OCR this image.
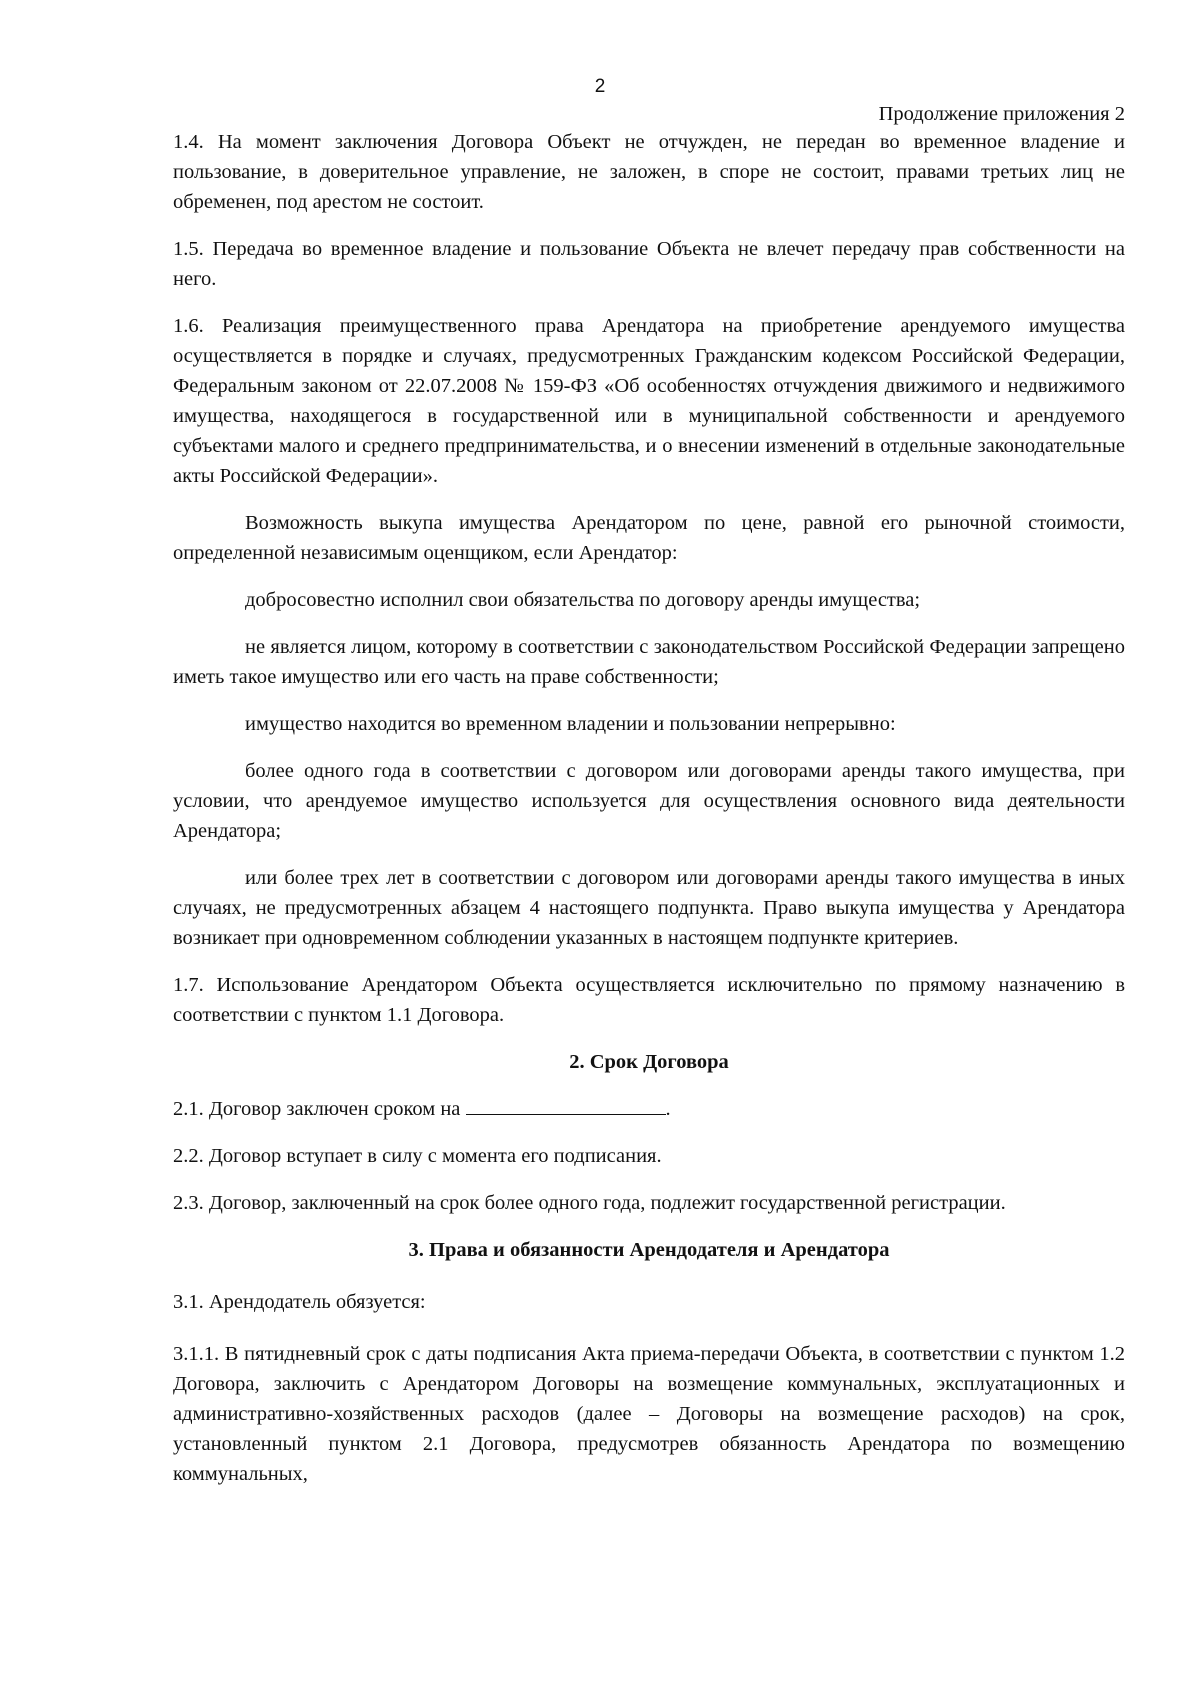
2
Продолжение приложения 2

1.4. На момент заключения Договора Объект не отчужден, не передан во временное владение и пользование, в доверительное управление, не заложен, в споре не состоит, правами третьих лиц не обременен, под арестом не состоит.

1.5. Передача во временное владение и пользование Объекта не влечет передачу прав собственности на него.

1.6. Реализация преимущественного права Арендатора на приобретение арендуемого имущества осуществляется в порядке и случаях, предусмотренных Гражданским кодексом Российской Федерации, Федеральным законом от 22.07.2008 № 159-ФЗ «Об особенностях отчуждения движимого и недвижимого имущества, находящегося в государственной или в муниципальной собственности и арендуемого субъектами малого и среднего предпринимательства, и о внесении изменений в отдельные законодательные акты Российской Федерации».

Возможность выкупа имущества Арендатором по цене, равной его рыночной стоимости, определенной независимым оценщиком, если Арендатор:

добросовестно исполнил свои обязательства по договору аренды имущества;

не является лицом, которому в соответствии с законодательством Российской Федерации запрещено иметь такое имущество или его часть на праве собственности;

имущество находится во временном владении и пользовании непрерывно:

более одного года в соответствии с договором или договорами аренды такого имущества, при условии, что арендуемое имущество используется для осуществления основного вида деятельности Арендатора;

или более трех лет в соответствии с договором или договорами аренды такого имущества в иных случаях, не предусмотренных абзацем 4 настоящего подпункта. Право выкупа имущества у Арендатора возникает при одновременном соблюдении указанных в настоящем подпункте критериев.

1.7. Использование Арендатором Объекта осуществляется исключительно по прямому назначению в соответствии с пунктом 1.1 Договора.

2. Срок Договора

2.1. Договор заключен сроком на	.

2.2. Договор вступает в силу с момента его подписания.

2.3. Договор, заключенный на срок более одного года, подлежит государственной регистрации.

3. Права и обязанности Арендодателя и Арендатора

3.1. Арендодатель обязуется:

3.1.1. В пятидневный срок с даты подписания Акта приема-передачи Объекта, в соответствии с пунктом 1.2 Договора, заключить с Арендатором Договоры на возмещение коммунальных, эксплуатационных и административно-хозяйственных расходов (далее – Договоры на возмещение расходов) на срок, установленный пунктом 2.1 Договора, предусмотрев обязанность Арендатора по возмещению коммунальных,
